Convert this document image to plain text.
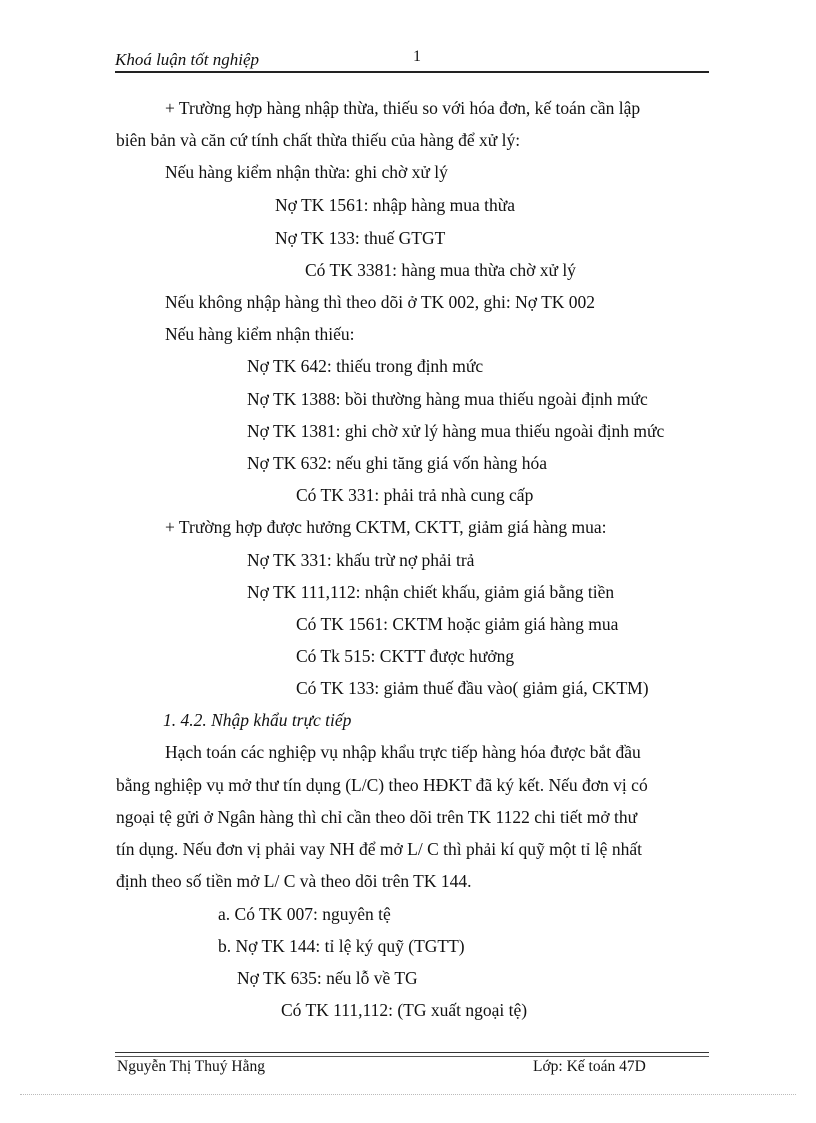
Khoá luận tốt nghiệp	1
+ Trường hợp hàng nhập thừa, thiếu so với hóa đơn, kế toán cần lập
biên bản và căn cứ tính chất thừa thiếu của hàng để xử lý:
Nếu hàng kiểm nhận thừa: ghi chờ xử lý
Nợ TK 1561: nhập hàng mua thừa
Nợ TK 133: thuế GTGT
Có TK 3381: hàng mua thừa chờ xử lý
Nếu không nhập hàng thì theo dõi ở TK 002, ghi: Nợ TK 002
Nếu hàng kiểm nhận thiếu:
Nợ TK 642: thiếu trong định mức
Nợ TK 1388: bồi thường hàng mua thiếu ngoài định mức
Nợ TK 1381: ghi chờ xử lý hàng mua thiếu ngoài định mức
Nợ TK 632: nếu ghi tăng giá vốn hàng hóa
Có TK 331: phải trả nhà cung cấp
+ Trường hợp được hưởng CKTM, CKTT, giảm giá hàng mua:
Nợ TK 331: khấu trừ nợ phải trả
Nợ TK 111,112: nhận chiết khấu, giảm giá bằng tiền
Có TK 1561: CKTM hoặc giảm giá hàng mua
Có Tk 515: CKTT được hưởng
Có TK 133: giảm thuế đầu vào( giảm giá, CKTM)
1. 4.2. Nhập khẩu trực tiếp
Hạch toán các nghiệp vụ nhập khẩu trực tiếp hàng hóa được bắt đầu
bằng nghiệp vụ mở thư tín dụng (L/C) theo HĐKT đã ký kết. Nếu đơn vị có
ngoại tệ gửi ở Ngân hàng thì chỉ cần theo dõi trên TK 1122 chi tiết mở thư
tín dụng. Nếu đơn vị phải vay NH để mở L/ C thì phải kí quỹ một tỉ lệ nhất
định theo số tiền mở L/ C và theo dõi trên TK 144.
a. Có TK 007: nguyên tệ
b. Nợ TK 144: tỉ lệ ký quỹ (TGTT)
Nợ TK 635: nếu lỗ về TG
Có TK 111,112: (TG xuất ngoại tệ)
Nguyễn Thị Thuý Hằng	Lớp: Kế toán 47D
